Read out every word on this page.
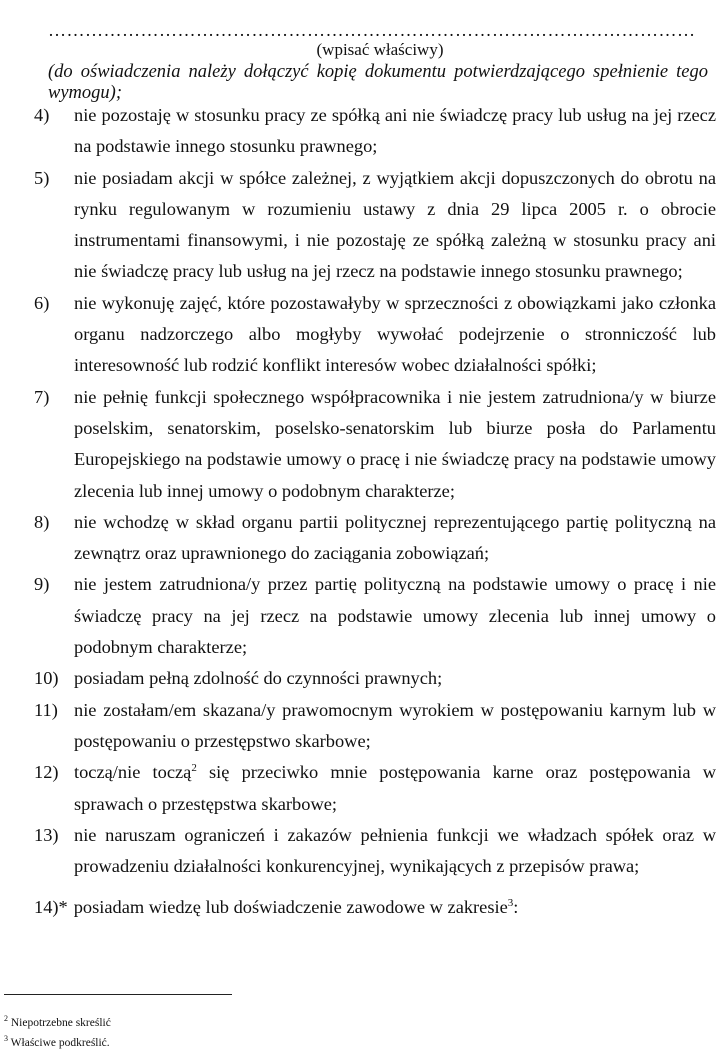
……………………………………………………………………………………………
(wpisać właściwy)
(do oświadczenia należy dołączyć kopię dokumentu potwierdzającego spełnienie tego wymogu);
4)	nie pozostaję w stosunku pracy ze spółką ani nie świadczę pracy lub usług na jej rzecz na podstawie innego stosunku prawnego;
5)	nie posiadam akcji w spółce zależnej, z wyjątkiem akcji dopuszczonych do obrotu na rynku regulowanym w rozumieniu ustawy z dnia 29 lipca 2005 r. o obrocie instrumentami finansowymi, i nie pozostaję ze spółką zależną w stosunku pracy ani nie świadczę pracy lub usług na jej rzecz na podstawie innego stosunku prawnego;
6)	nie wykonuję zajęć, które pozostawałyby w sprzeczności z obowiązkami jako członka organu nadzorczego albo mogłyby wywołać podejrzenie o stronniczość lub interesowność lub rodzić konflikt interesów wobec działalności spółki;
7)	nie pełnię funkcji społecznego współpracownika i nie jestem zatrudniona/y w biurze poselskim, senatorskim, poselsko-senatorskim lub biurze posła do Parlamentu Europejskiego na podstawie umowy o pracę i nie świadczę pracy na podstawie umowy zlecenia lub innej umowy o podobnym charakterze;
8)	nie wchodzę w skład organu partii politycznej reprezentującego partię polityczną na zewnątrz oraz uprawnionego do zaciągania zobowiązań;
9)	nie jestem zatrudniona/y przez partię polityczną na podstawie umowy o pracę i nie świadczę pracy na jej rzecz na podstawie umowy zlecenia lub innej umowy o podobnym charakterze;
10) posiadam pełną zdolność do czynności prawnych;
11) nie zostałam/em skazana/y prawomocnym wyrokiem w postępowaniu karnym lub w postępowaniu o przestępstwo skarbowe;
12) toczą/nie toczą$^2$ się przeciwko mnie postępowania karne oraz postępowania w sprawach o przestępstwa skarbowe;
13) nie naruszam ograniczeń i zakazów pełnienia funkcji we władzach spółek oraz w prowadzeniu działalności konkurencyjnej, wynikających z przepisów prawa;
14)* posiadam wiedzę lub doświadczenie zawodowe w zakresie$^3$:
$^2$ Niepotrzebne skreślić
$^3$ Właściwe podkreślić.
